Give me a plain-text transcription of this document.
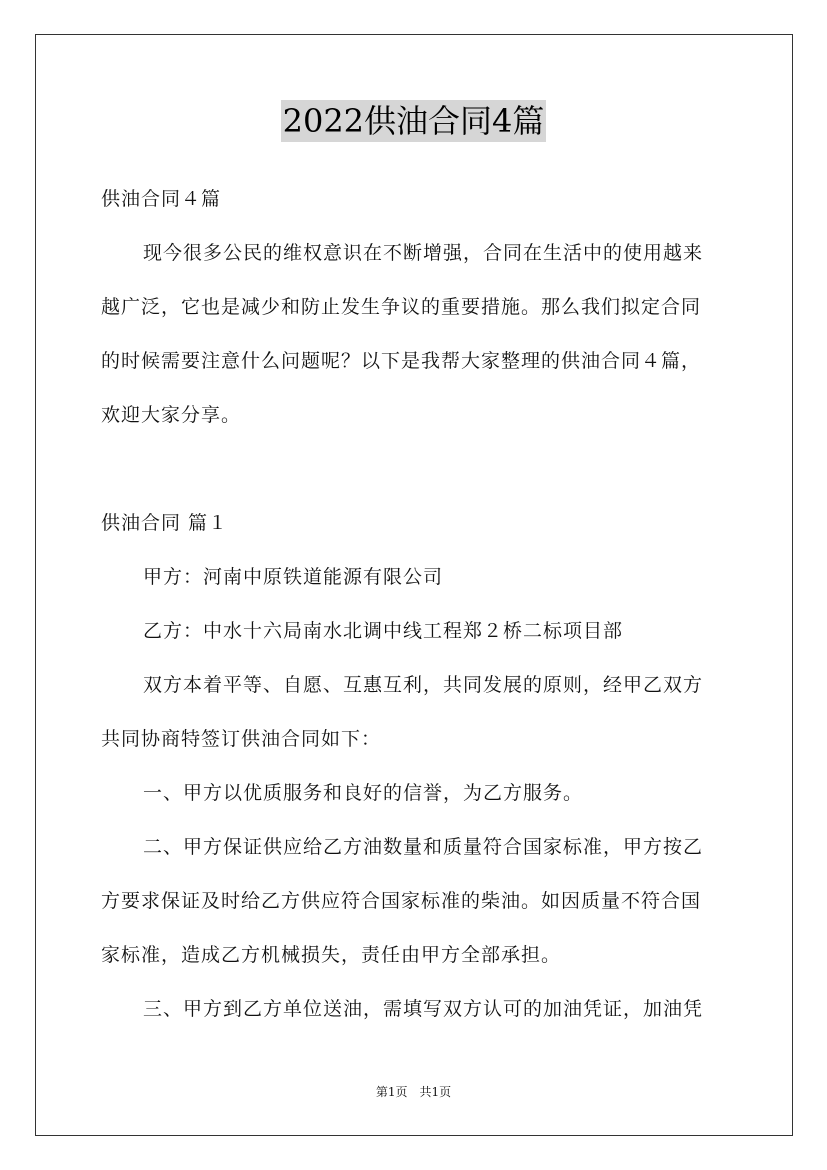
2022供油合同4篇

供油合同４篇

现今很多公民的维权意识在不断增强，合同在生活中的使用越来

越广泛，它也是减少和防止发生争议的重要措施。那么我们拟定合同

的时候需要注意什么问题呢？以下是我帮大家整理的供油合同４篇，

欢迎大家分享。

供油合同 篇１

甲方：河南中原铁道能源有限公司

乙方：中水十六局南水北调中线工程郑２桥二标项目部

双方本着平等、自愿、互惠互利，共同发展的原则，经甲乙双方

共同协商特签订供油合同如下：

一、甲方以优质服务和良好的信誉，为乙方服务。

二、甲方保证供应给乙方油数量和质量符合国家标准，甲方按乙

方要求保证及时给乙方供应符合国家标准的柴油。如因质量不符合国

家标准，造成乙方机械损失，责任由甲方全部承担。

三、甲方到乙方单位送油，需填写双方认可的加油凭证，加油凭

第1页　共1页
